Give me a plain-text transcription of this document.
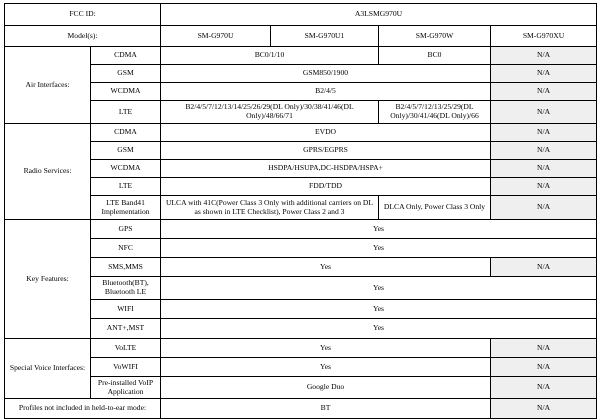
FCC ID:		A3LSMG970U			
Model(s):		SM-G970U	SM-G970U1	SM-G970W	SM-G970XU
Air Interfaces:	CDMA	BC0/1/10		BC0	N/A
	GSM	GSM850/1900			N/A
	WCDMA	B2/4/5			N/A
	LTE	B2/4/5/7/12/13/14/25/26/29(DL Only)/30/38/41/46(DL Only)/48/66/71		B2/4/5/7/12/13/25/29(DL Only)/30/41/46(DL Only)/66	N/A
Radio Services:	CDMA	EVDO			N/A
	GSM	GPRS/EGPRS			N/A
	WCDMA	HSDPA/HSUPA,DC-HSDPA/HSPA+			N/A
	LTE	FDD/TDD			N/A
	LTE Band41 Implementation	ULCA with 41C(Power Class 3 Only with additional carriers on DL as shown in LTE Checklist), Power Class 2 and 3		DLCA Only, Power Class 3 Only	N/A
Key Features:	GPS	Yes			
	NFC	Yes			
	SMS,MMS	Yes			N/A
	Bluetooth(BT), Bluetooth LE	Yes			
	WIFI	Yes			
	ANT+,MST	Yes			
Special Voice Interfaces:	VoLTE	Yes			N/A
	VoWIFI	Yes			N/A
	Pre-installed VoIP Application	Google Duo			N/A
Profiles not included in held-to-ear mode:		BT			N/A
